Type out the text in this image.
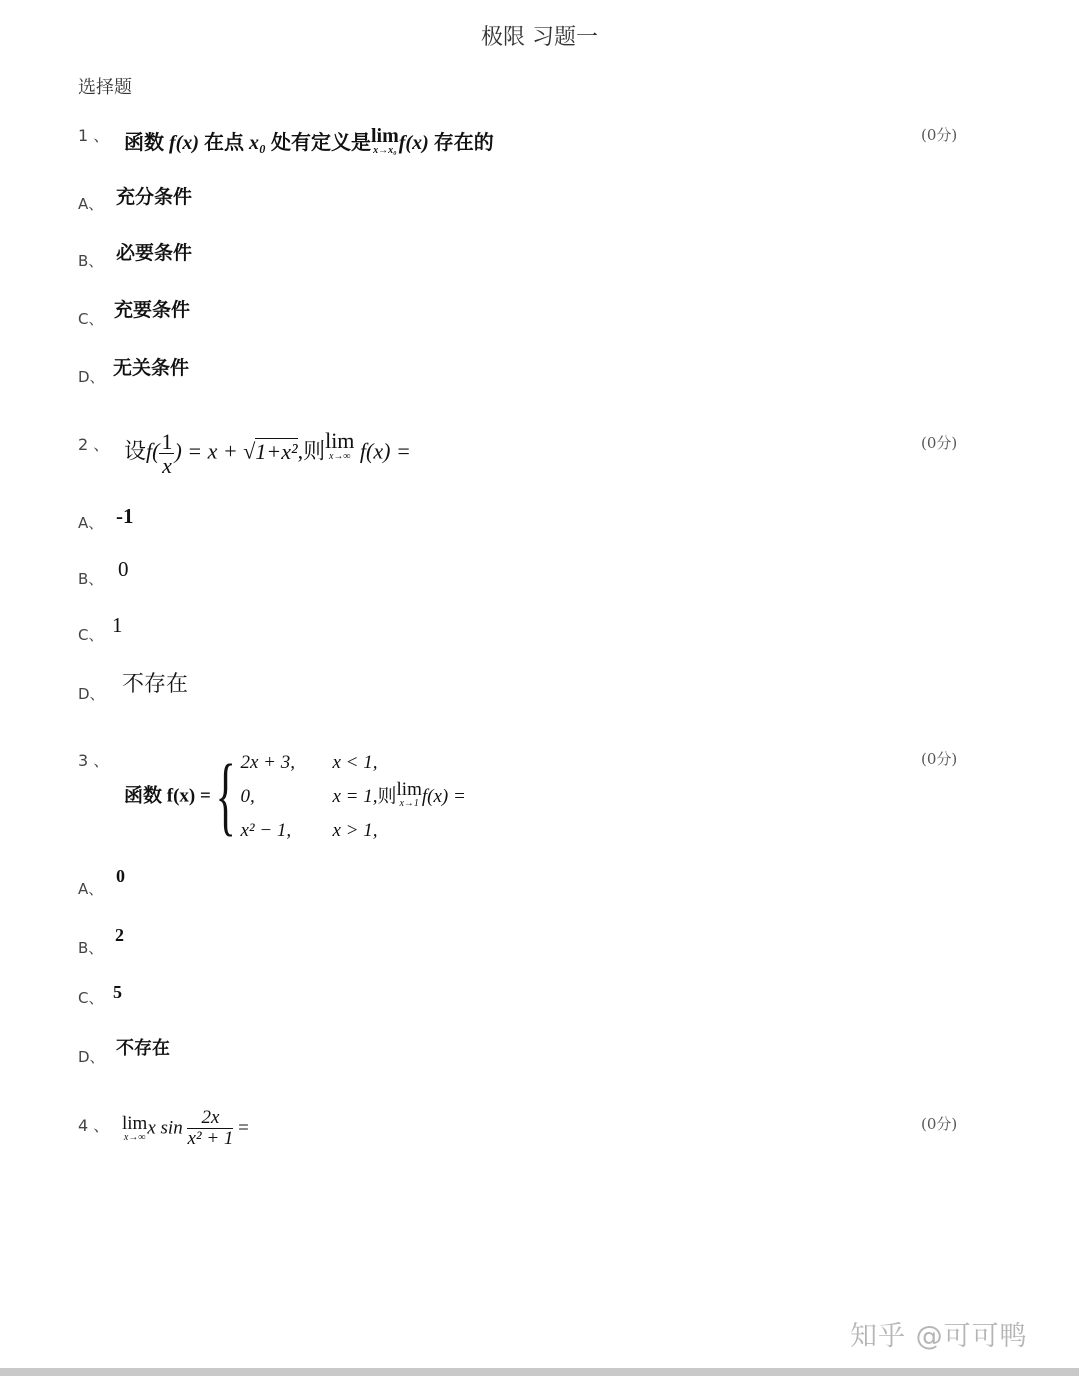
极限 习题一
选择题
1 、 函数 f(x) 在点 x₀ 处有定义是lim
x→x₀ f(x) 存在的	(0分)
A、 充分条件
B、 必要条件
C、 充要条件
D、 无关条件
2 、 设$f( \frac{1}{x}$ ) = x + √1+x²,则lim
x→∞ f(x) =	(0分)
A、 -1
B、 0
C、 1
D、 不存在
3 、
函数 f(x) = { 2x + 3, x < 1,
0,	x = 1,则lim
x→1 f(x) =
x² − 1, x > 1,
(0分)
A、
0
B、
2
C、 5
D、 不存在
4 、 lim
x→∞ x $\sin \frac{2x}{\text{x² + 1}}$ =	(0分)
知乎 @可可鸭
